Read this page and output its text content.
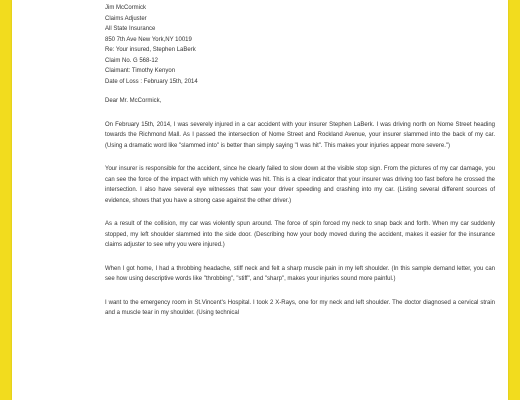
Jim McCormick
Claims Adjuster
All State Insurance
850 7th Ave New York,NY 10019
Re: Your insured, Stephen LaBerk
Claim No. G 568-12
Claimant: Timothy Kenyon
Date of Loss : February 15th, 2014
Dear Mr. McCormick,

On February 15th, 2014, I was severely injured in a car accident with your insurer Stephen LaBerk. I was driving north on Nome Street heading towards the Richmond Mall. As I passed the intersection of Nome Street and Rockland Avenue, your insurer slammed into the back of my car. (Using a dramatic word like "slammed into" is better than simply saying "I was hit". This makes your injuries appear more severe.")

Your insurer is responsible for the accident, since he clearly failed to slow down at the visible stop sign. From the pictures of my car damage, you can see the force of the impact with which my vehicle was hit. This is a clear indicator that your insurer was driving too fast before he crossed the intersection. I also have several eye witnesses that saw your driver speeding and crashing into my car. (Listing several different sources of evidence, shows that you have a strong case against the other driver.)

As a result of the collision, my car was violently spun around. The force of spin forced my neck to snap back and forth. When my car suddenly stopped, my left shoulder slammed into the side door. (Describing how your body moved during the accident, makes it easier for the insurance claims adjuster to see why you were injured.)

When I got home, I had a throbbing headache, stiff neck and felt a sharp muscle pain in my left shoulder. (In this sample demand letter, you can see how using descriptive words like "throbbing", "stiff", and "sharp", makes your injuries sound more painful.)

I want to the emergency room in St.Vincent's Hospital. I took 2 X-Rays, one for my neck and left shoulder. The doctor diagnosed a cervical strain and a muscle tear in my shoulder. (Using technical
